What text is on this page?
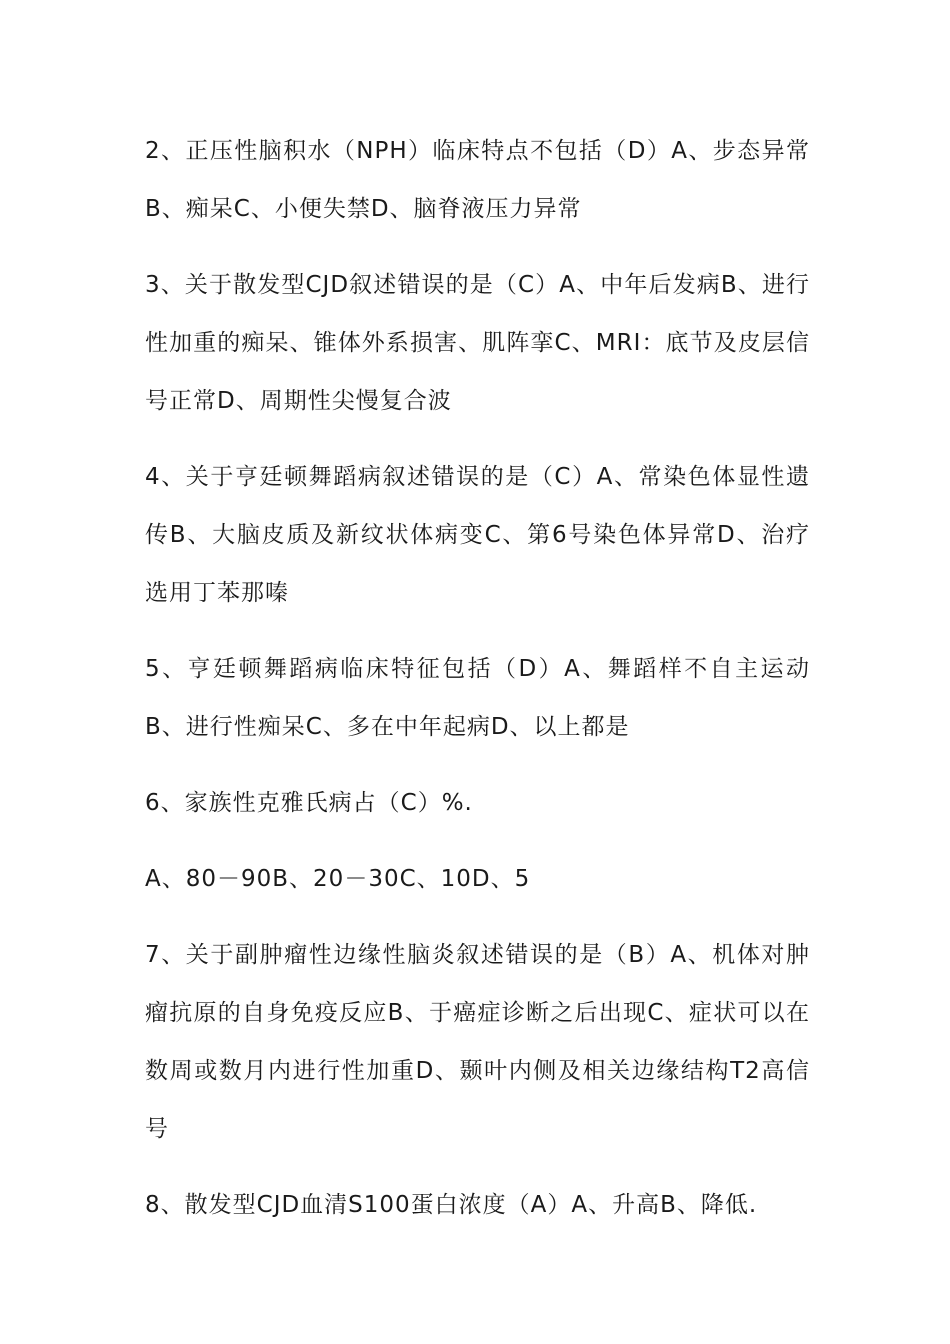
2、正压性脑积水（NPH）临床特点不包括（D）A、步态异常B、痴呆C、小便失禁D、脑脊液压力异常

3、关于散发型CJD叙述错误的是（C）A、中年后发病B、进行性加重的痴呆、锥体外系损害、肌阵挛C、MRI：底节及皮层信号正常D、周期性尖慢复合波

4、关于亨廷顿舞蹈病叙述错误的是（C）A、常染色体显性遗传B、大脑皮质及新纹状体病变C、第6号染色体异常D、治疗选用丁苯那嗪

5、亨廷顿舞蹈病临床特征包括（D）A、舞蹈样不自主运动B、进行性痴呆C、多在中年起病D、以上都是

6、家族性克雅氏病占（C）%.

A、80－90B、20－30C、10D、5

7、关于副肿瘤性边缘性脑炎叙述错误的是（B）A、机体对肿瘤抗原的自身免疫反应B、于癌症诊断之后出现C、症状可以在数周或数月内进行性加重D、颞叶内侧及相关边缘结构T2高信号

8、散发型CJD血清S100蛋白浓度（A）A、升高B、降低.
